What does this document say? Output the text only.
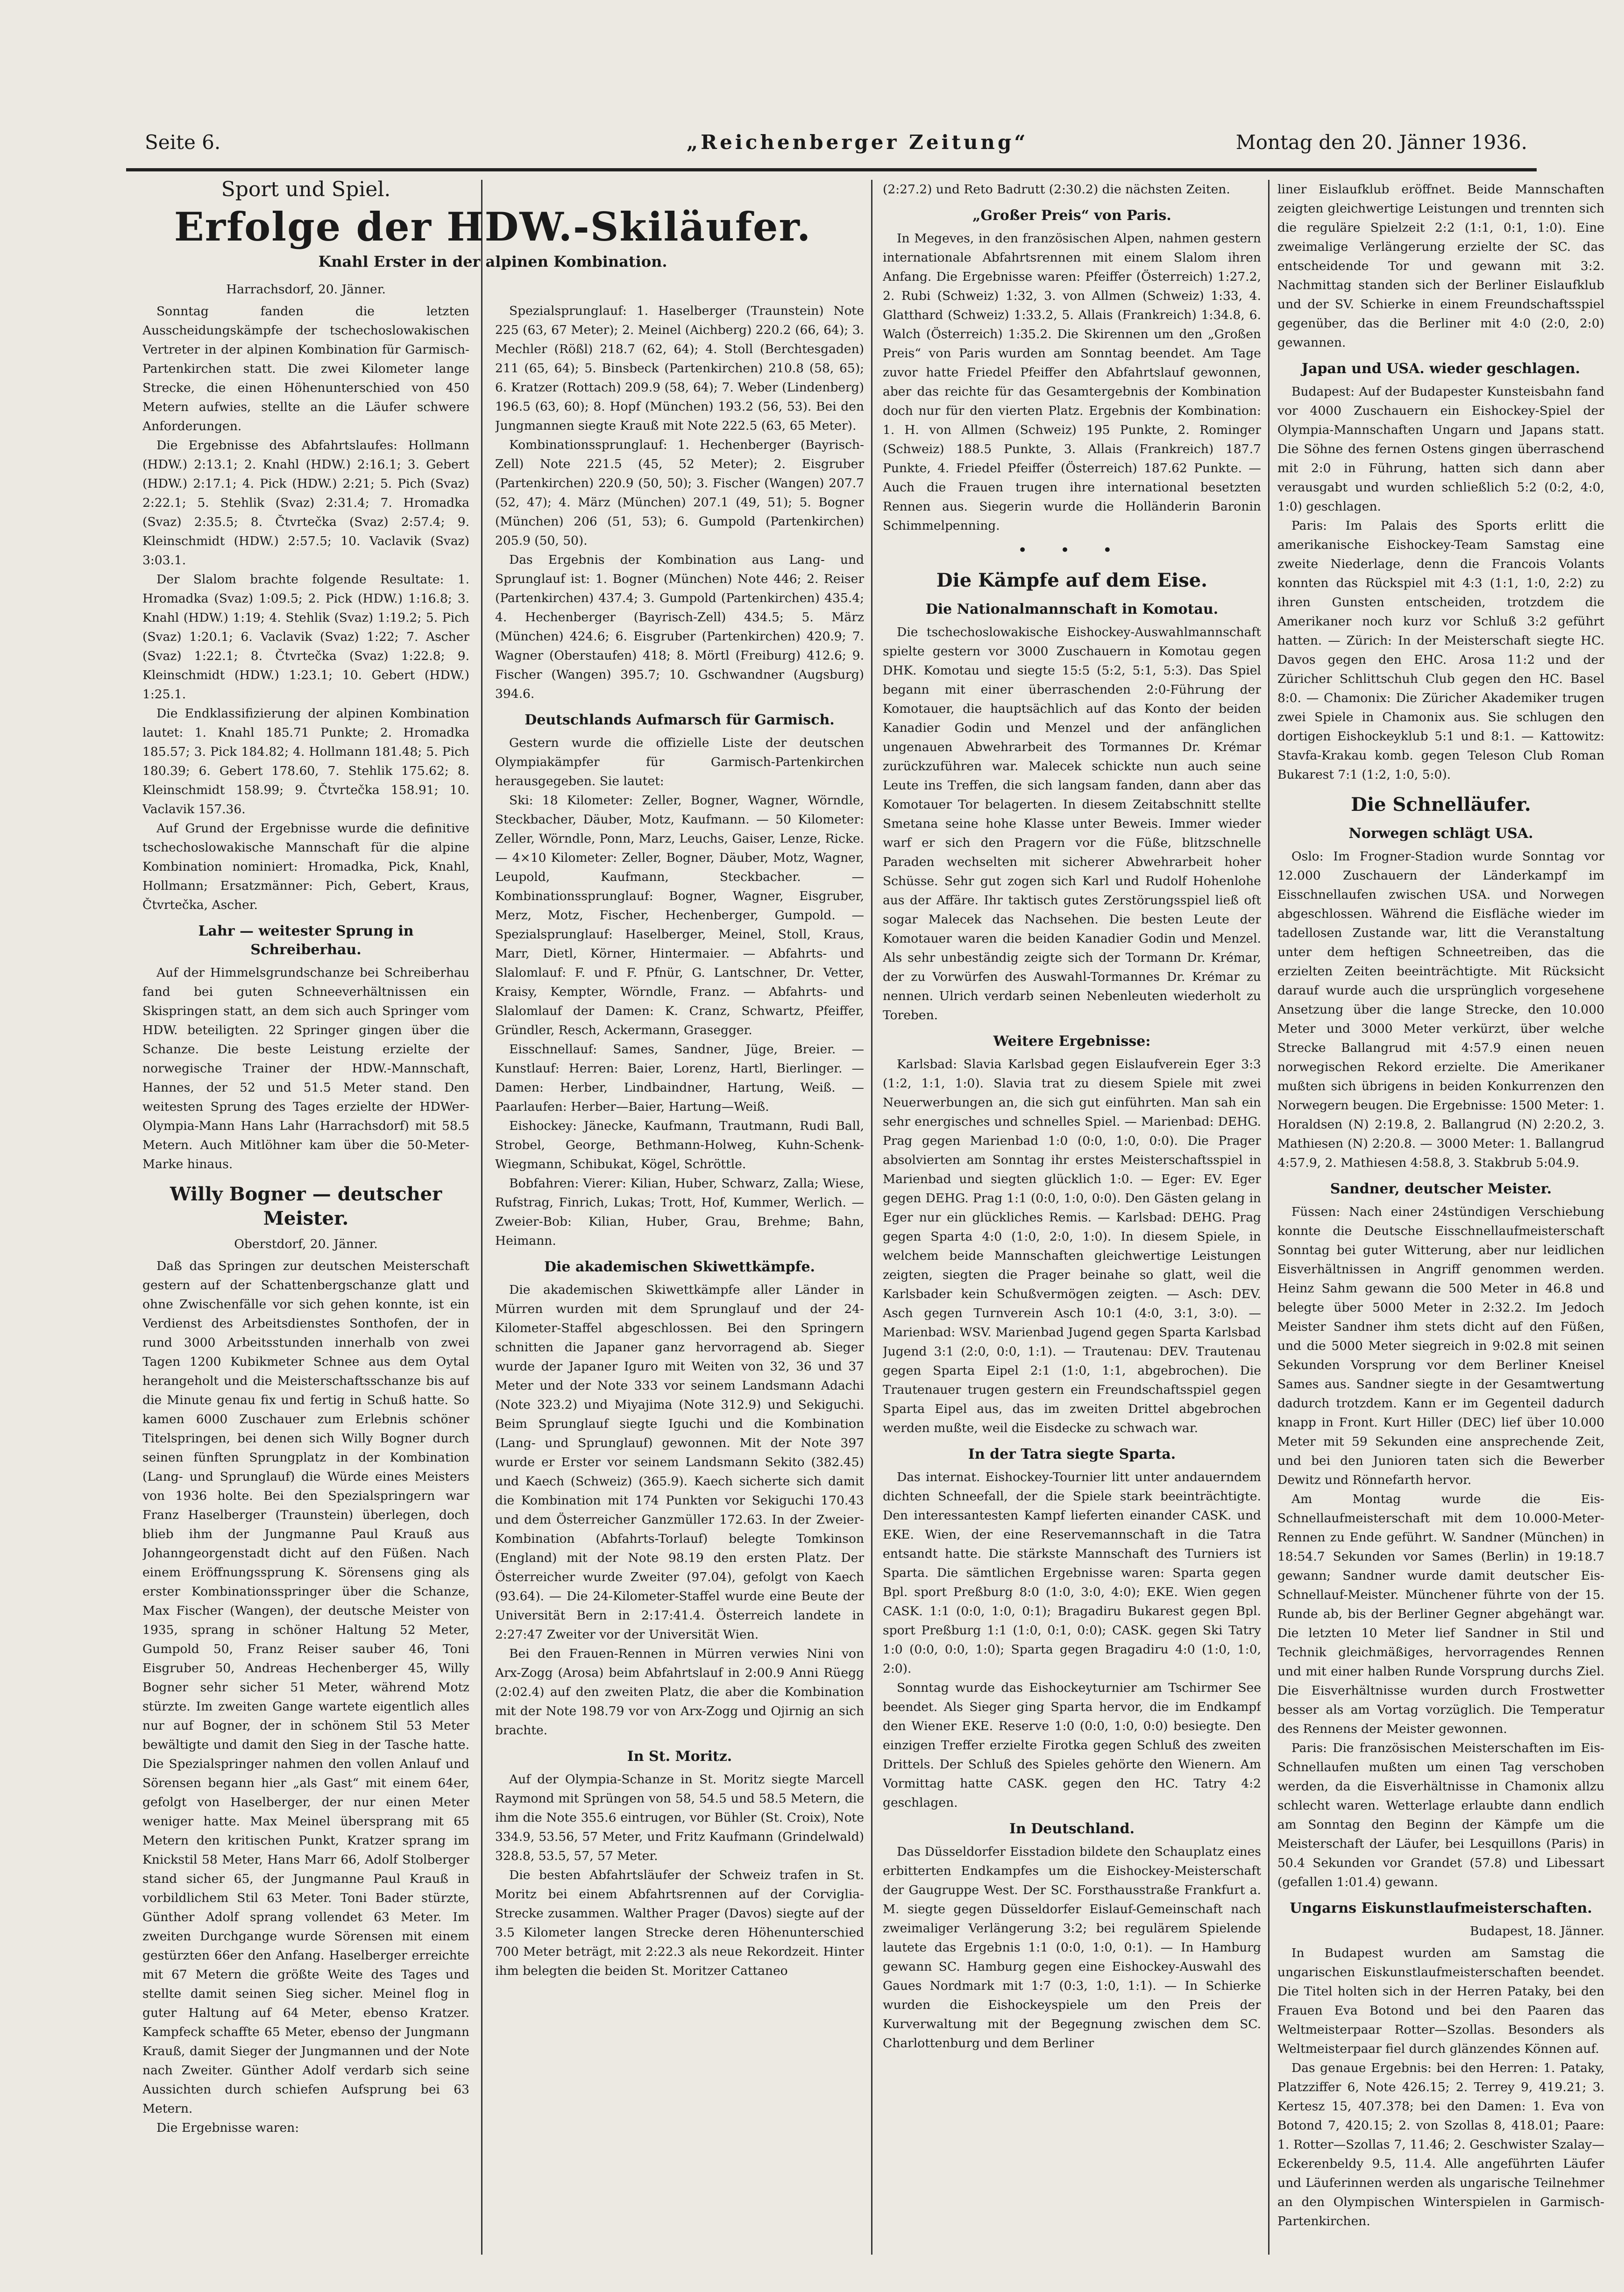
Seite 6.	„Reichenberger Zeitung“	Montag den 20. Jänner 1936.
Sport und Spiel.
Erfolge der HDW.-Skiläufer.
Knahl Erster in der alpinen Kombination.
Harrachsdorf, 20. Jänner.

Sonntag fanden die letzten Ausscheidungskämpfe der tschechoslowakischen Vertreter in der alpinen Kombination für Garmisch-Partenkirchen statt. Die zwei Kilometer lange Strecke, die einen Höhenunterschied von 450 Metern aufwies, stellte an die Läufer schwere Anforderungen.

Die Ergebnisse des Abfahrtslaufes: Hollmann (HDW.) 2:13.1; 2. Knahl (HDW.) 2:16.1; 3. Gebert (HDW.) 2:17.1; 4. Pick (HDW.) 2:21; 5. Pich (Svaz) 2:22.1; 5. Stehlik (Svaz) 2:31.4; 7. Hromadka (Svaz) 2:35.5; 8. Čtvrtečka (Svaz) 2:57.4; 9. Kleinschmidt (HDW.) 2:57.5; 10. Vaclavik (Svaz) 3:03.1.

Der Slalom brachte folgende Resultate: 1. Hromadka (Svaz) 1:09.5; 2. Pick (HDW.) 1:16.8; 3. Knahl (HDW.) 1:19; 4. Stehlik (Svaz) 1:19.2; 5. Pich (Svaz) 1:20.1; 6. Vaclavik (Svaz) 1:22; 7. Ascher (Svaz) 1:22.1; 8. Čtvrtečka (Svaz) 1:22.8; 9. Kleinschmidt (HDW.) 1:23.1; 10. Gebert (HDW.) 1:25.1.

Die Endklassifizierung der alpinen Kombination lautet: 1. Knahl 185.71 Punkte; 2. Hromadka 185.57; 3. Pick 184.82; 4. Hollmann 181.48; 5. Pich 180.39; 6. Gebert 178.60, 7. Stehlik 175.62; 8. Kleinschmidt 158.99; 9. Čtvrtečka 158.91; 10. Vaclavik 157.36.

Auf Grund der Ergebnisse wurde die definitive tschechoslowakische Mannschaft für die alpine Kombination nominiert: Hromadka, Pick, Knahl, Hollmann; Ersatzmänner: Pich, Gebert, Kraus, Čtvrtečka, Ascher.

Lahr — weitester Sprung in Schreiberhau.

Auf der Himmelsgrundschanze bei Schreiberhau fand bei guten Schneeverhältnissen ein Skispringen statt, an dem sich auch Springer vom HDW. beteiligten. 22 Springer gingen über die Schanze. Die beste Leistung erzielte der norwegische Trainer der HDW.-Mannschaft, Hannes, der 52 und 51.5 Meter stand. Den weitesten Sprung des Tages erzielte der HDWer-Olympia-Mann Hans Lahr (Harrachsdorf) mit 58.5 Metern. Auch Mitlöhner kam über die 50-Meter-Marke hinaus.

Willy Bogner — deutscher Meister.
Oberstdorf, 20. Jänner.

Daß das Springen zur deutschen Meisterschaft gestern auf der Schattenbergschanze glatt und ohne Zwischenfälle vor sich gehen konnte, ist ein Verdienst des Arbeitsdienstes Sonthofen, der in rund 3000 Arbeitsstunden innerhalb von zwei Tagen 1200 Kubikmeter Schnee aus dem Oytal herangeholt und die Meisterschaftsschanze bis auf die Minute genau fix und fertig in Schuß hatte. So kamen 6000 Zuschauer zum Erlebnis schöner Titelspringen, bei denen sich Willy Bogner durch seinen fünften Sprungplatz in der Kombination (Lang- und Sprunglauf) die Würde eines Meisters von 1936 holte. Bei den Spezialspringern war Franz Haselberger (Traunstein) überlegen, doch blieb ihm der Jungmanne Paul Krauß aus Johanngeorgenstadt dicht auf den Füßen. Nach einem Eröffnungssprung K. Sörensens ging als erster Kombinationsspringer über die Schanze, Max Fischer (Wangen), der deutsche Meister von 1935, sprang in schöner Haltung 52 Meter, Gumpold 50, Franz Reiser sauber 46, Toni Eisgruber 50, Andreas Hechenberger 45, Willy Bogner sehr sicher 51 Meter, während Motz stürzte. Im zweiten Gange wartete eigentlich alles nur auf Bogner, der in schönem Stil 53 Meter bewältigte und damit den Sieg in der Tasche hatte. Die Spezialspringer nahmen den vollen Anlauf und Sörensen begann hier „als Gast“ mit einem 64er, gefolgt von Haselberger, der nur einen Meter weniger hatte. Max Meinel übersprang mit 65 Metern den kritischen Punkt, Kratzer sprang im Knickstil 58 Meter, Hans Marr 66, Adolf Stolberger stand sicher 65, der Jungmanne Paul Krauß in vorbildlichem Stil 63 Meter. Toni Bader stürzte, Günther Adolf sprang vollendet 63 Meter. Im zweiten Durchgange wurde Sörensen mit einem gestürzten 66er den Anfang. Haselberger erreichte mit 67 Metern die größte Weite des Tages und stellte damit seinen Sieg sicher. Meinel flog in guter Haltung auf 64 Meter, ebenso Kratzer. Kampfeck schaffte 65 Meter, ebenso der Jungmann Krauß, damit Sieger der Jungmannen und der Note nach Zweiter. Günther Adolf verdarb sich seine Aussichten durch schiefen Aufsprung bei 63 Metern.

Die Ergebnisse waren:

Spezialsprunglauf: 1. Haselberger (Traunstein) Note 225 (63, 67 Meter); 2. Meinel (Aichberg) 220.2 (66, 64); 3. Mechler (Rößl) 218.7 (62, 64); 4. Stoll (Berchtesgaden) 211 (65, 64); 5. Binsbeck (Partenkirchen) 210.8 (58, 65); 6. Kratzer (Rottach) 209.9 (58, 64); 7. Weber (Lindenberg) 196.5 (63, 60); 8. Hopf (München) 193.2 (56, 53). Bei den Jungmannen siegte Krauß mit Note 222.5 (63, 65 Meter).

Kombinationssprunglauf: 1. Hechenberger (Bayrisch-Zell) Note 221.5 (45, 52 Meter); 2. Eisgruber (Partenkirchen) 220.9 (50, 50); 3. Fischer (Wangen) 207.7 (52, 47); 4. März (München) 207.1 (49, 51); 5. Bogner (München) 206 (51, 53); 6. Gumpold (Partenkirchen) 205.9 (50, 50).

Das Ergebnis der Kombination aus Lang- und Sprunglauf ist: 1. Bogner (München) Note 446; 2. Reiser (Partenkirchen) 437.4; 3. Gumpold (Partenkirchen) 435.4; 4. Hechenberger (Bayrisch-Zell) 434.5; 5. März (München) 424.6; 6. Eisgruber (Partenkirchen) 420.9; 7. Wagner (Oberstaufen) 418; 8. Mörtl (Freiburg) 412.6; 9. Fischer (Wangen) 395.7; 10. Gschwandner (Augsburg) 394.6.

Deutschlands Aufmarsch für Garmisch.

Gestern wurde die offizielle Liste der deutschen Olympiakämpfer für Garmisch-Partenkirchen herausgegeben. Sie lautet:

Ski: 18 Kilometer: Zeller, Bogner, Wagner, Wörndle, Steckbacher, Däuber, Motz, Kaufmann. — 50 Kilometer: Zeller, Wörndle, Ponn, Marz, Leuchs, Gaiser, Lenze, Ricke. — 4×10 Kilometer: Zeller, Bogner, Däuber, Motz, Wagner, Leupold, Kaufmann, Steckbacher. — Kombinationssprunglauf: Bogner, Wagner, Eisgruber, Merz, Motz, Fischer, Hechenberger, Gumpold. — Spezialsprunglauf: Haselberger, Meinel, Stoll, Kraus, Marr, Dietl, Körner, Hintermaier. — Abfahrts- und Slalomlauf: F. und F. Pfnür, G. Lantschner, Dr. Vetter, Kraisy, Kempter, Wörndle, Franz. — Abfahrts- und Slalomlauf der Damen: K. Cranz, Schwartz, Pfeiffer, Gründler, Resch, Ackermann, Grasegger.

Eisschnellauf: Sames, Sandner, Jüge, Breier. — Kunstlauf: Herren: Baier, Lorenz, Hartl, Bierlinger. — Damen: Herber, Lindbaindner, Hartung, Weiß. — Paarlaufen: Herber—Baier, Hartung—Weiß.

Eishockey: Jänecke, Kaufmann, Trautmann, Rudi Ball, Strobel, George, Bethmann-Holweg, Kuhn-Schenk-Wiegmann, Schibukat, Kögel, Schröttle.

Bobfahren: Vierer: Kilian, Huber, Schwarz, Zalla; Wiese, Rufstrag, Finrich, Lukas; Trott, Hof, Kummer, Werlich. — Zweier-Bob: Kilian, Huber, Grau, Brehme; Bahn, Heimann.

Die akademischen Skiwettkämpfe.

Die akademischen Skiwettkämpfe aller Länder in Mürren wurden mit dem Sprunglauf und der 24-Kilometer-Staffel abgeschlossen. Bei den Springern schnitten die Japaner ganz hervorragend ab. Sieger wurde der Japaner Iguro mit Weiten von 32, 36 und 37 Meter und der Note 333 vor seinem Landsmann Adachi (Note 323.2) und Miyajima (Note 312.9) und Sekiguchi. Beim Sprunglauf siegte Iguchi und die Kombination (Lang- und Sprunglauf) gewonnen. Mit der Note 397 wurde er Erster vor seinem Landsmann Sekito (382.45) und Kaech (Schweiz) (365.9). Kaech sicherte sich damit die Kombination mit 174 Punkten vor Sekiguchi 170.43 und dem Österreicher Ganzmüller 172.63. In der Zweier-Kombination (Abfahrts-Torlauf) belegte Tomkinson (England) mit der Note 98.19 den ersten Platz. Der Österreicher wurde Zweiter (97.04), gefolgt von Kaech (93.64). — Die 24-Kilometer-Staffel wurde eine Beute der Universität Bern in 2:17:41.4. Österreich landete in 2:27:47 Zweiter vor der Universität Wien.

Bei den Frauen-Rennen in Mürren verwies Nini von Arx-Zogg (Arosa) beim Abfahrtslauf in 2:00.9 Anni Rüegg (2:02.4) auf den zweiten Platz, die aber die Kombination mit der Note 198.79 vor von Arx-Zogg und Ojirnig an sich brachte.

In St. Moritz.

Auf der Olympia-Schanze in St. Moritz siegte Marcell Raymond mit Sprüngen von 58, 54.5 und 58.5 Metern, die ihm die Note 355.6 eintrugen, vor Bühler (St. Croix), Note 334.9, 53.56, 57 Meter, und Fritz Kaufmann (Grindelwald) 328.8, 53.5, 57, 57 Meter.

Die besten Abfahrtsläufer der Schweiz trafen in St. Moritz bei einem Abfahrtsrennen auf der Corviglia-Strecke zusammen. Walther Prager (Davos) siegte auf der 3.5 Kilometer langen Strecke deren Höhenunterschied 700 Meter beträgt, mit 2:22.3 als neue Rekordzeit. Hinter ihm belegten die beiden St. Moritzer Cattaneo

(2:27.2) und Reto Badrutt (2:30.2) die nächsten Zeiten.

„Großer Preis“ von Paris.

In Megeves, in den französischen Alpen, nahmen gestern internationale Abfahrtsrennen mit einem Slalom ihren Anfang. Die Ergebnisse waren: Pfeiffer (Österreich) 1:27.2, 2. Rubi (Schweiz) 1:32, 3. von Allmen (Schweiz) 1:33, 4. Glatthard (Schweiz) 1:33.2, 5. Allais (Frankreich) 1:34.8, 6. Walch (Österreich) 1:35.2. Die Skirennen um den „Großen Preis“ von Paris wurden am Sonntag beendet. Am Tage zuvor hatte Friedel Pfeiffer den Abfahrtslauf gewonnen, aber das reichte für das Gesamtergebnis der Kombination doch nur für den vierten Platz. Ergebnis der Kombination: 1. H. von Allmen (Schweiz) 195 Punkte, 2. Rominger (Schweiz) 188.5 Punkte, 3. Allais (Frankreich) 187.7 Punkte, 4. Friedel Pfeiffer (Österreich) 187.62 Punkte. — Auch die Frauen trugen ihre international besetzten Rennen aus. Siegerin wurde die Holländerin Baronin Schimmelpenning.

• • •
Die Kämpfe auf dem Eise.
Die Nationalmannschaft in Komotau.

Die tschechoslowakische Eishockey-Auswahlmannschaft spielte gestern vor 3000 Zuschauern in Komotau gegen DHK. Komotau und siegte 15:5 (5:2, 5:1, 5:3). Das Spiel begann mit einer überraschenden 2:0-Führung der Komotauer, die hauptsächlich auf das Konto der beiden Kanadier Godin und Menzel und der anfänglichen ungenauen Abwehrarbeit des Tormannes Dr. Krémar zurückzuführen war. Malecek schickte nun auch seine Leute ins Treffen, die sich langsam fanden, dann aber das Komotauer Tor belagerten. In diesem Zeitabschnitt stellte Smetana seine hohe Klasse unter Beweis. Immer wieder warf er sich den Pragern vor die Füße, blitzschnelle Paraden wechselten mit sicherer Abwehrarbeit hoher Schüsse. Sehr gut zogen sich Karl und Rudolf Hohenlohe aus der Affäre. Ihr taktisch gutes Zerstörungsspiel ließ oft sogar Malecek das Nachsehen. Die besten Leute der Komotauer waren die beiden Kanadier Godin und Menzel. Als sehr unbeständig zeigte sich der Tormann Dr. Krémar, der zu Vorwürfen des Auswahl-Tormannes Dr. Krémar zu nennen. Ulrich verdarb seinen Nebenleuten wiederholt zu Toreben.

Weitere Ergebnisse:

Karlsbad: Slavia Karlsbad gegen Eislaufverein Eger 3:3 (1:2, 1:1, 1:0). Slavia trat zu diesem Spiele mit zwei Neuerwerbungen an, die sich gut einführten. Man sah ein sehr energisches und schnelles Spiel. — Marienbad: DEHG. Prag gegen Marienbad 1:0 (0:0, 1:0, 0:0). Die Prager absolvierten am Sonntag ihr erstes Meisterschaftsspiel in Marienbad und siegten glücklich 1:0. — Eger: EV. Eger gegen DEHG. Prag 1:1 (0:0, 1:0, 0:0). Den Gästen gelang in Eger nur ein glückliches Remis. — Karlsbad: DEHG. Prag gegen Sparta 4:0 (1:0, 2:0, 1:0). In diesem Spiele, in welchem beide Mannschaften gleichwertige Leistungen zeigten, siegten die Prager beinahe so glatt, weil die Karlsbader kein Schußvermögen zeigten. — Asch: DEV. Asch gegen Turnverein Asch 10:1 (4:0, 3:1, 3:0). — Marienbad: WSV. Marienbad Jugend gegen Sparta Karlsbad Jugend 3:1 (2:0, 0:0, 1:1). — Trautenau: DEV. Trautenau gegen Sparta Eipel 2:1 (1:0, 1:1, abgebrochen). Die Trautenauer trugen gestern ein Freundschaftsspiel gegen Sparta Eipel aus, das im zweiten Drittel abgebrochen werden mußte, weil die Eisdecke zu schwach war.

In der Tatra siegte Sparta.

Das internat. Eishockey-Tournier litt unter andauerndem dichten Schneefall, der die Spiele stark beeinträchtigte. Den interessantesten Kampf lieferten einander CASK. und EKE. Wien, der eine Reservemannschaft in die Tatra entsandt hatte. Die stärkste Mannschaft des Turniers ist Sparta. Die sämtlichen Ergebnisse waren: Sparta gegen Bpl. sport Preßburg 8:0 (1:0, 3:0, 4:0); EKE. Wien gegen CASK. 1:1 (0:0, 1:0, 0:1); Bragadiru Bukarest gegen Bpl. sport Preßburg 1:1 (1:0, 0:1, 0:0); CASK. gegen Ski Tatry 1:0 (0:0, 0:0, 1:0); Sparta gegen Bragadiru 4:0 (1:0, 1:0, 2:0).

Sonntag wurde das Eishockeyturnier am Tschirmer See beendet. Als Sieger ging Sparta hervor, die im Endkampf den Wiener EKE. Reserve 1:0 (0:0, 1:0, 0:0) besiegte. Den einzigen Treffer erzielte Firotka gegen Schluß des zweiten Drittels. Der Schluß des Spieles gehörte den Wienern. Am Vormittag hatte CASK. gegen den HC. Tatry 4:2 geschlagen.

In Deutschland.

Das Düsseldorfer Eisstadion bildete den Schauplatz eines erbitterten Endkampfes um die Eishockey-Meisterschaft der Gaugruppe West. Der SC. Forsthausstraße Frankfurt a. M. siegte gegen Düsseldorfer Eislauf-Gemeinschaft nach zweimaliger Verlängerung 3:2; bei regulärem Spielende lautete das Ergebnis 1:1 (0:0, 1:0, 0:1). — In Hamburg gewann SC. Hamburg gegen eine Eishockey-Auswahl des Gaues Nordmark mit 1:7 (0:3, 1:0, 1:1). — In Schierke wurden die Eishockeyspiele um den Preis der Kurverwaltung mit der Begegnung zwischen dem SC. Charlottenburg und dem Berliner

liner Eislaufklub eröffnet. Beide Mannschaften zeigten gleichwertige Leistungen und trennten sich die reguläre Spielzeit 2:2 (1:1, 0:1, 1:0). Eine zweimalige Verlängerung erzielte der SC. das entscheidende Tor und gewann mit 3:2. Nachmittag standen sich der Berliner Eislaufklub und der SV. Schierke in einem Freundschaftsspiel gegenüber, das die Berliner mit 4:0 (2:0, 2:0) gewannen.

Japan und USA. wieder geschlagen.

Budapest: Auf der Budapester Kunsteisbahn fand vor 4000 Zuschauern ein Eishockey-Spiel der Olympia-Mannschaften Ungarn und Japans statt. Die Söhne des fernen Ostens gingen überraschend mit 2:0 in Führung, hatten sich dann aber verausgabt und wurden schließlich 5:2 (0:2, 4:0, 1:0) geschlagen.

Paris: Im Palais des Sports erlitt die amerikanische Eishockey-Team Samstag eine zweite Niederlage, denn die Francois Volants konnten das Rückspiel mit 4:3 (1:1, 1:0, 2:2) zu ihren Gunsten entscheiden, trotzdem die Amerikaner noch kurz vor Schluß 3:2 geführt hatten. — Zürich: In der Meisterschaft siegte HC. Davos gegen den EHC. Arosa 11:2 und der Züricher Schlittschuh Club gegen den HC. Basel 8:0. — Chamonix: Die Züricher Akademiker trugen zwei Spiele in Chamonix aus. Sie schlugen den dortigen Eishockeyklub 5:1 und 8:1. — Kattowitz: Stavfa-Krakau komb. gegen Teleson Club Roman Bukarest 7:1 (1:2, 1:0, 5:0).

Die Schnelläufer.
Norwegen schlägt USA.

Oslo: Im Frogner-Stadion wurde Sonntag vor 12.000 Zuschauern der Länderkampf im Eisschnellaufen zwischen USA. und Norwegen abgeschlossen. Während die Eisfläche wieder im tadellosen Zustande war, litt die Veranstaltung unter dem heftigen Schneetreiben, das die erzielten Zeiten beeinträchtigte. Mit Rücksicht darauf wurde auch die ursprünglich vorgesehene Ansetzung über die lange Strecke, den 10.000 Meter und 3000 Meter verkürzt, über welche Strecke Ballangrud mit 4:57.9 einen neuen norwegischen Rekord erzielte. Die Amerikaner mußten sich übrigens in beiden Konkurrenzen den Norwegern beugen. Die Ergebnisse: 1500 Meter: 1. Horaldsen (N) 2:19.8, 2. Ballangrud (N) 2:20.2, 3. Mathiesen (N) 2:20.8. — 3000 Meter: 1. Ballangrud 4:57.9, 2. Mathiesen 4:58.8, 3. Stakbrub 5:04.9.

Sandner, deutscher Meister.

Füssen: Nach einer 24stündigen Verschiebung konnte die Deutsche Eisschnellaufmeisterschaft Sonntag bei guter Witterung, aber nur leidlichen Eisverhältnissen in Angriff genommen werden. Heinz Sahm gewann die 500 Meter in 46.8 und belegte über 5000 Meter in 2:32.2. Im Jedoch Meister Sandner ihm stets dicht auf den Füßen, und die 5000 Meter siegreich in 9:02.8 mit seinen Sekunden Vorsprung vor dem Berliner Kneisel Sames aus. Sandner siegte in der Gesamtwertung dadurch trotzdem. Kann er im Gegenteil dadurch knapp in Front. Kurt Hiller (DEC) lief über 10.000 Meter mit 59 Sekunden eine ansprechende Zeit, und bei den Junioren taten sich die Bewerber Dewitz und Rönnefarth hervor.

Am Montag wurde die Eis-Schnellaufmeisterschaft mit dem 10.000-Meter-Rennen zu Ende geführt. W. Sandner (München) in 18:54.7 Sekunden vor Sames (Berlin) in 19:18.7 gewann; Sandner wurde damit deutscher Eis-Schnellauf-Meister. Münchener führte von der 15. Runde ab, bis der Berliner Gegner abgehängt war. Die letzten 10 Meter lief Sandner in Stil und Technik gleichmäßiges, hervorragendes Rennen und mit einer halben Runde Vorsprung durchs Ziel. Die Eisverhältnisse wurden durch Frostwetter besser als am Vortag vorzüglich. Die Temperatur des Rennens der Meister gewonnen.

Paris: Die französischen Meisterschaften im Eis-Schnellaufen mußten um einen Tag verschoben werden, da die Eisverhältnisse in Chamonix allzu schlecht waren. Wetterlage erlaubte dann endlich am Sonntag den Beginn der Kämpfe um die Meisterschaft der Läufer, bei Lesquillons (Paris) in 50.4 Sekunden vor Grandet (57.8) und Libessart (gefallen 1:01.4) gewann.

Ungarns Eiskunstlaufmeisterschaften.
Budapest, 18. Jänner.

In Budapest wurden am Samstag die ungarischen Eiskunstlaufmeisterschaften beendet. Die Titel holten sich in der Herren Pataky, bei den Frauen Eva Botond und bei den Paaren das Weltmeisterpaar Rotter—Szollas. Besonders als Weltmeisterpaar fiel durch glänzendes Können auf.

Das genaue Ergebnis: bei den Herren: 1. Pataky, Platzziffer 6, Note 426.15; 2. Terrey 9, 419.21; 3. Kertesz 15, 407.378; bei den Damen: 1. Eva von Botond 7, 420.15; 2. von Szollas 8, 418.01; Paare: 1. Rotter—Szollas 7, 11.46; 2. Geschwister Szalay—Eckerenbeldy 9.5, 11.4. Alle angeführten Läufer und Läuferinnen werden als ungarische Teilnehmer an den Olympischen Winterspielen in Garmisch-Partenkirchen.
